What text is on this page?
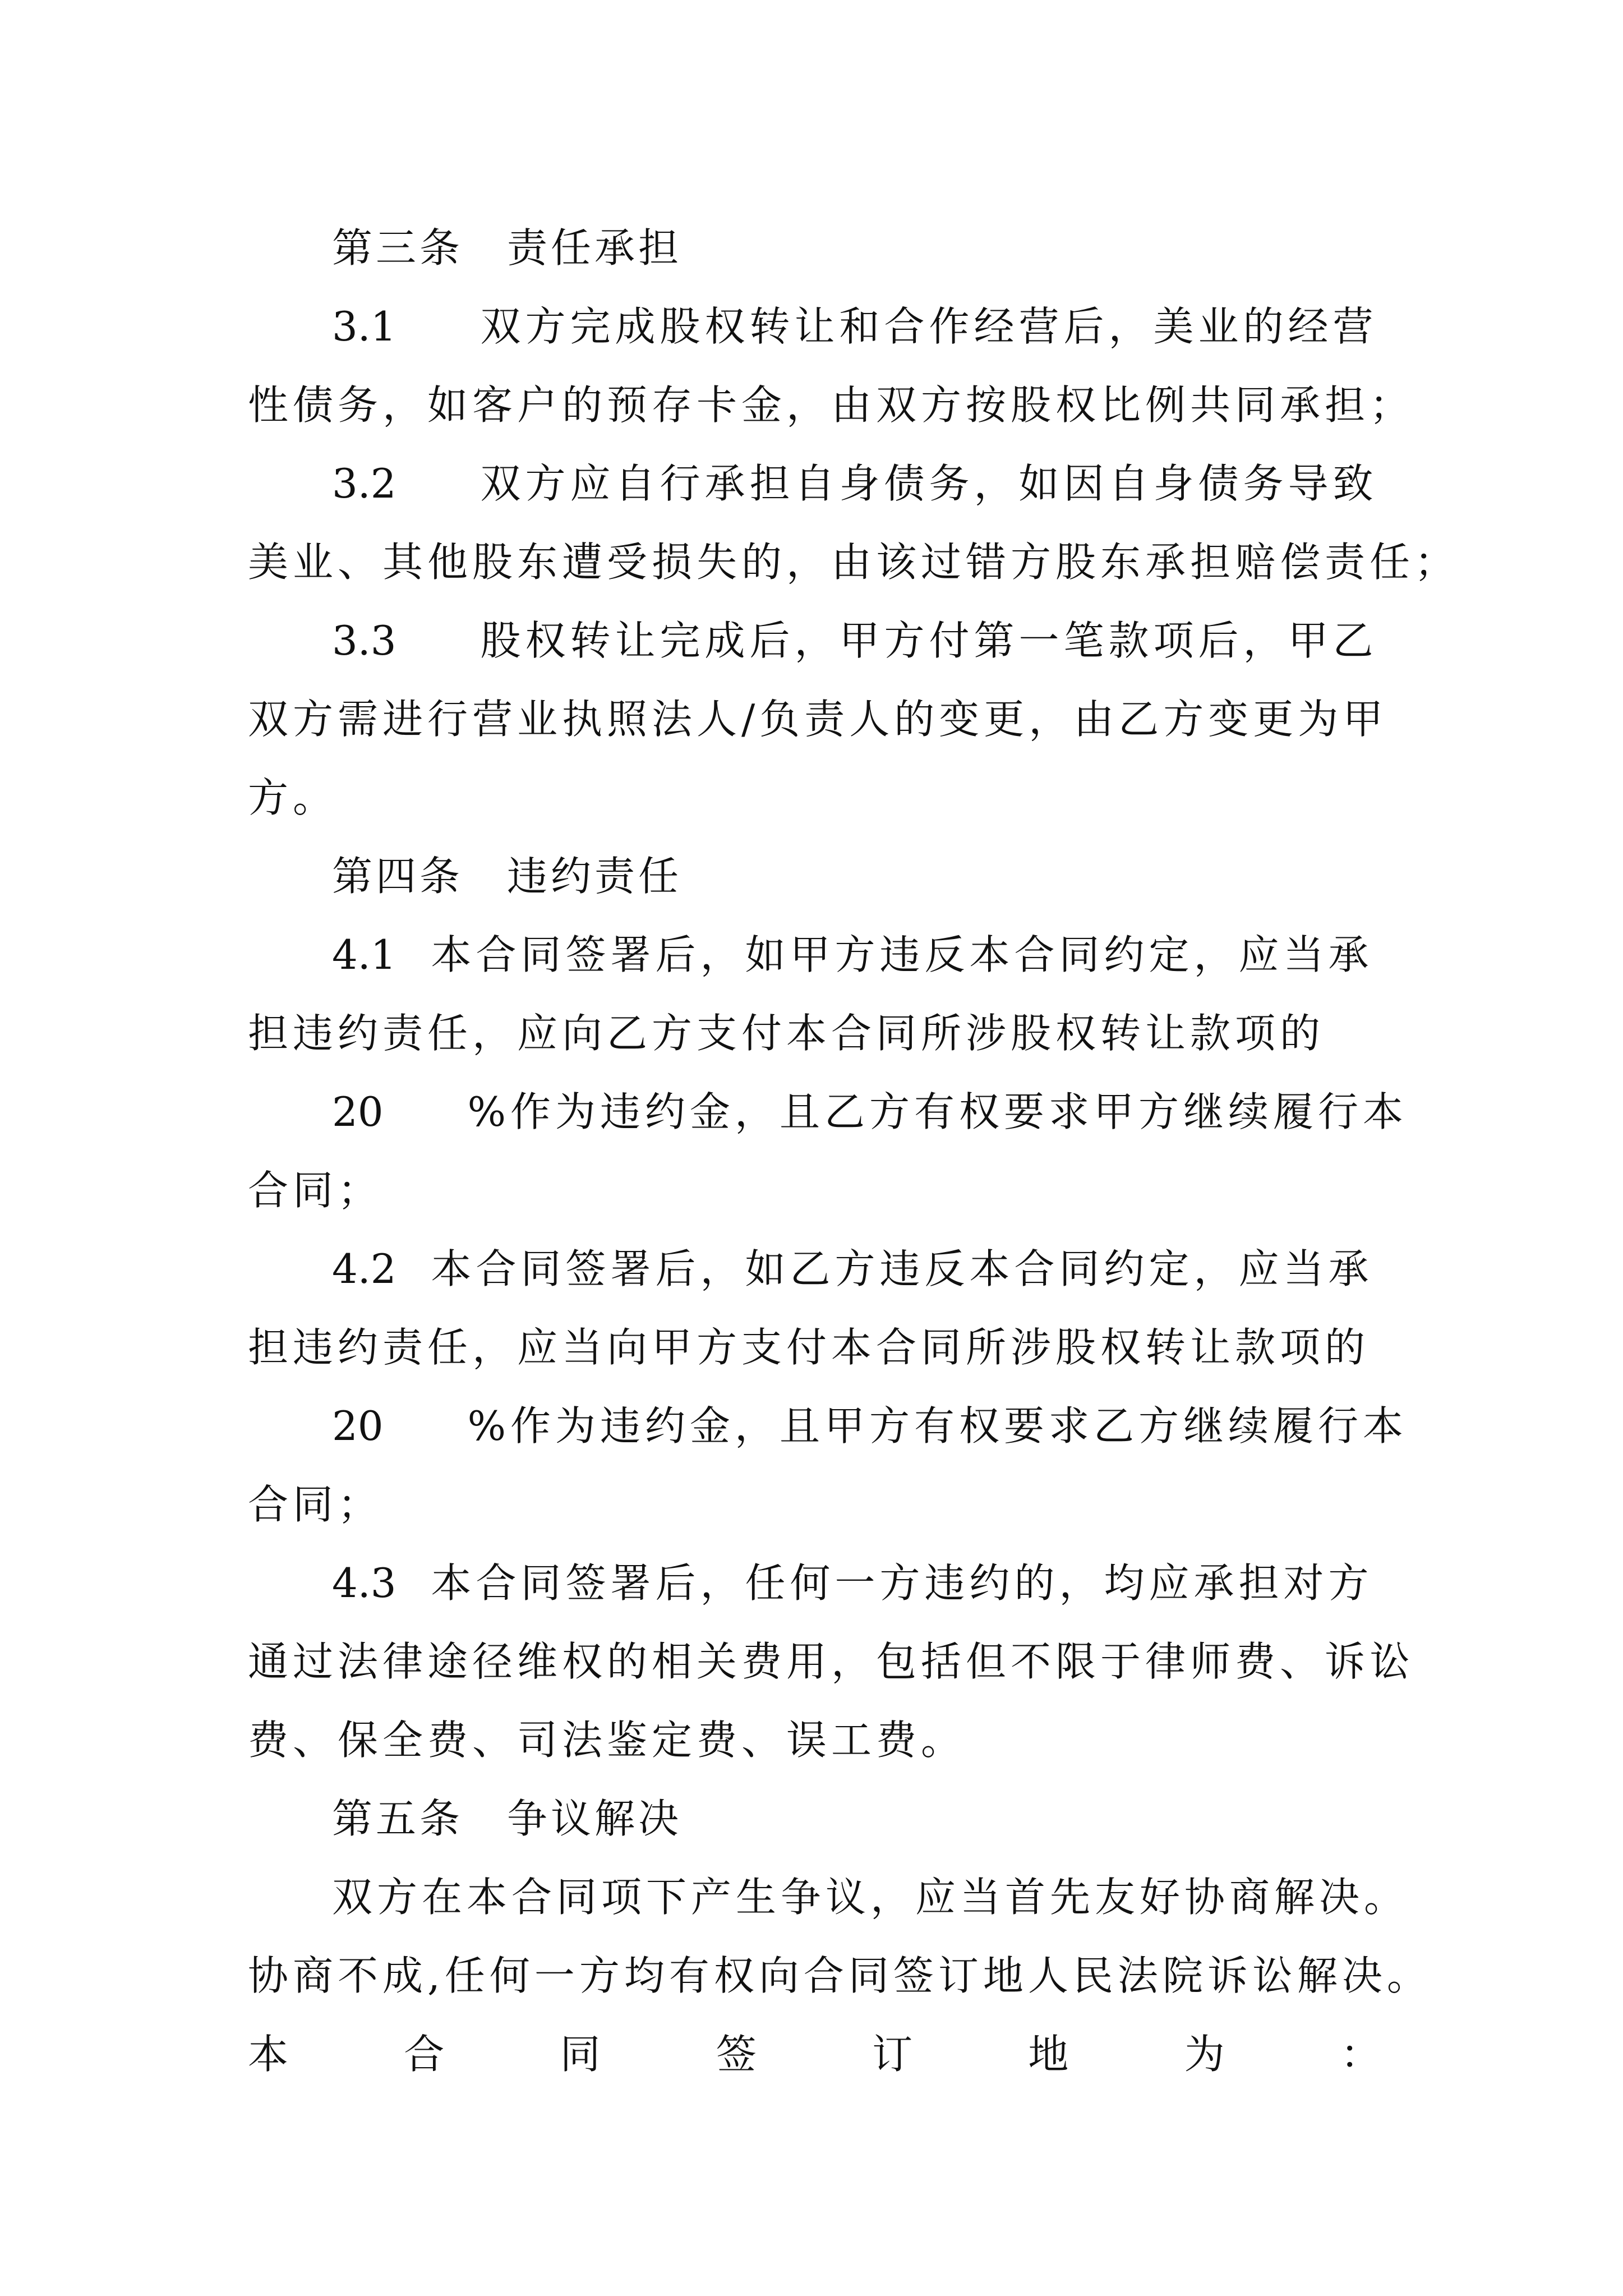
第三条　责任承担
3.1 双方完成股权转让和合作经营后，美业的经营
性债务，如客户的预存卡金，由双方按股权比例共同承担；
3.2 双方应自行承担自身债务，如因自身债务导致
美业、其他股东遭受损失的，由该过错方股东承担赔偿责任；
3.3 股权转让完成后，甲方付第一笔款项后，甲乙
双方需进行营业执照法人/负责人的变更，由乙方变更为甲
方。
第四条　违约责任
4.1 本合同签署后，如甲方违反本合同约定，应当承
担违约责任，应向乙方支付本合同所涉股权转让款项的
20 %作为违约金，且乙方有权要求甲方继续履行本
合同；
4.2 本合同签署后，如乙方违反本合同约定，应当承
担违约责任，应当向甲方支付本合同所涉股权转让款项的
20 %作为违约金，且甲方有权要求乙方继续履行本
合同；
4.3 本合同签署后，任何一方违约的，均应承担对方
通过法律途径维权的相关费用，包括但不限于律师费、诉讼
费、保全费、司法鉴定费、误工费。
第五条　争议解决
双方在本合同项下产生争议，应当首先友好协商解决。
协商不成,任何一方均有权向合同签订地人民法院诉讼解决。
本	合	同	签	订	地	为	：
